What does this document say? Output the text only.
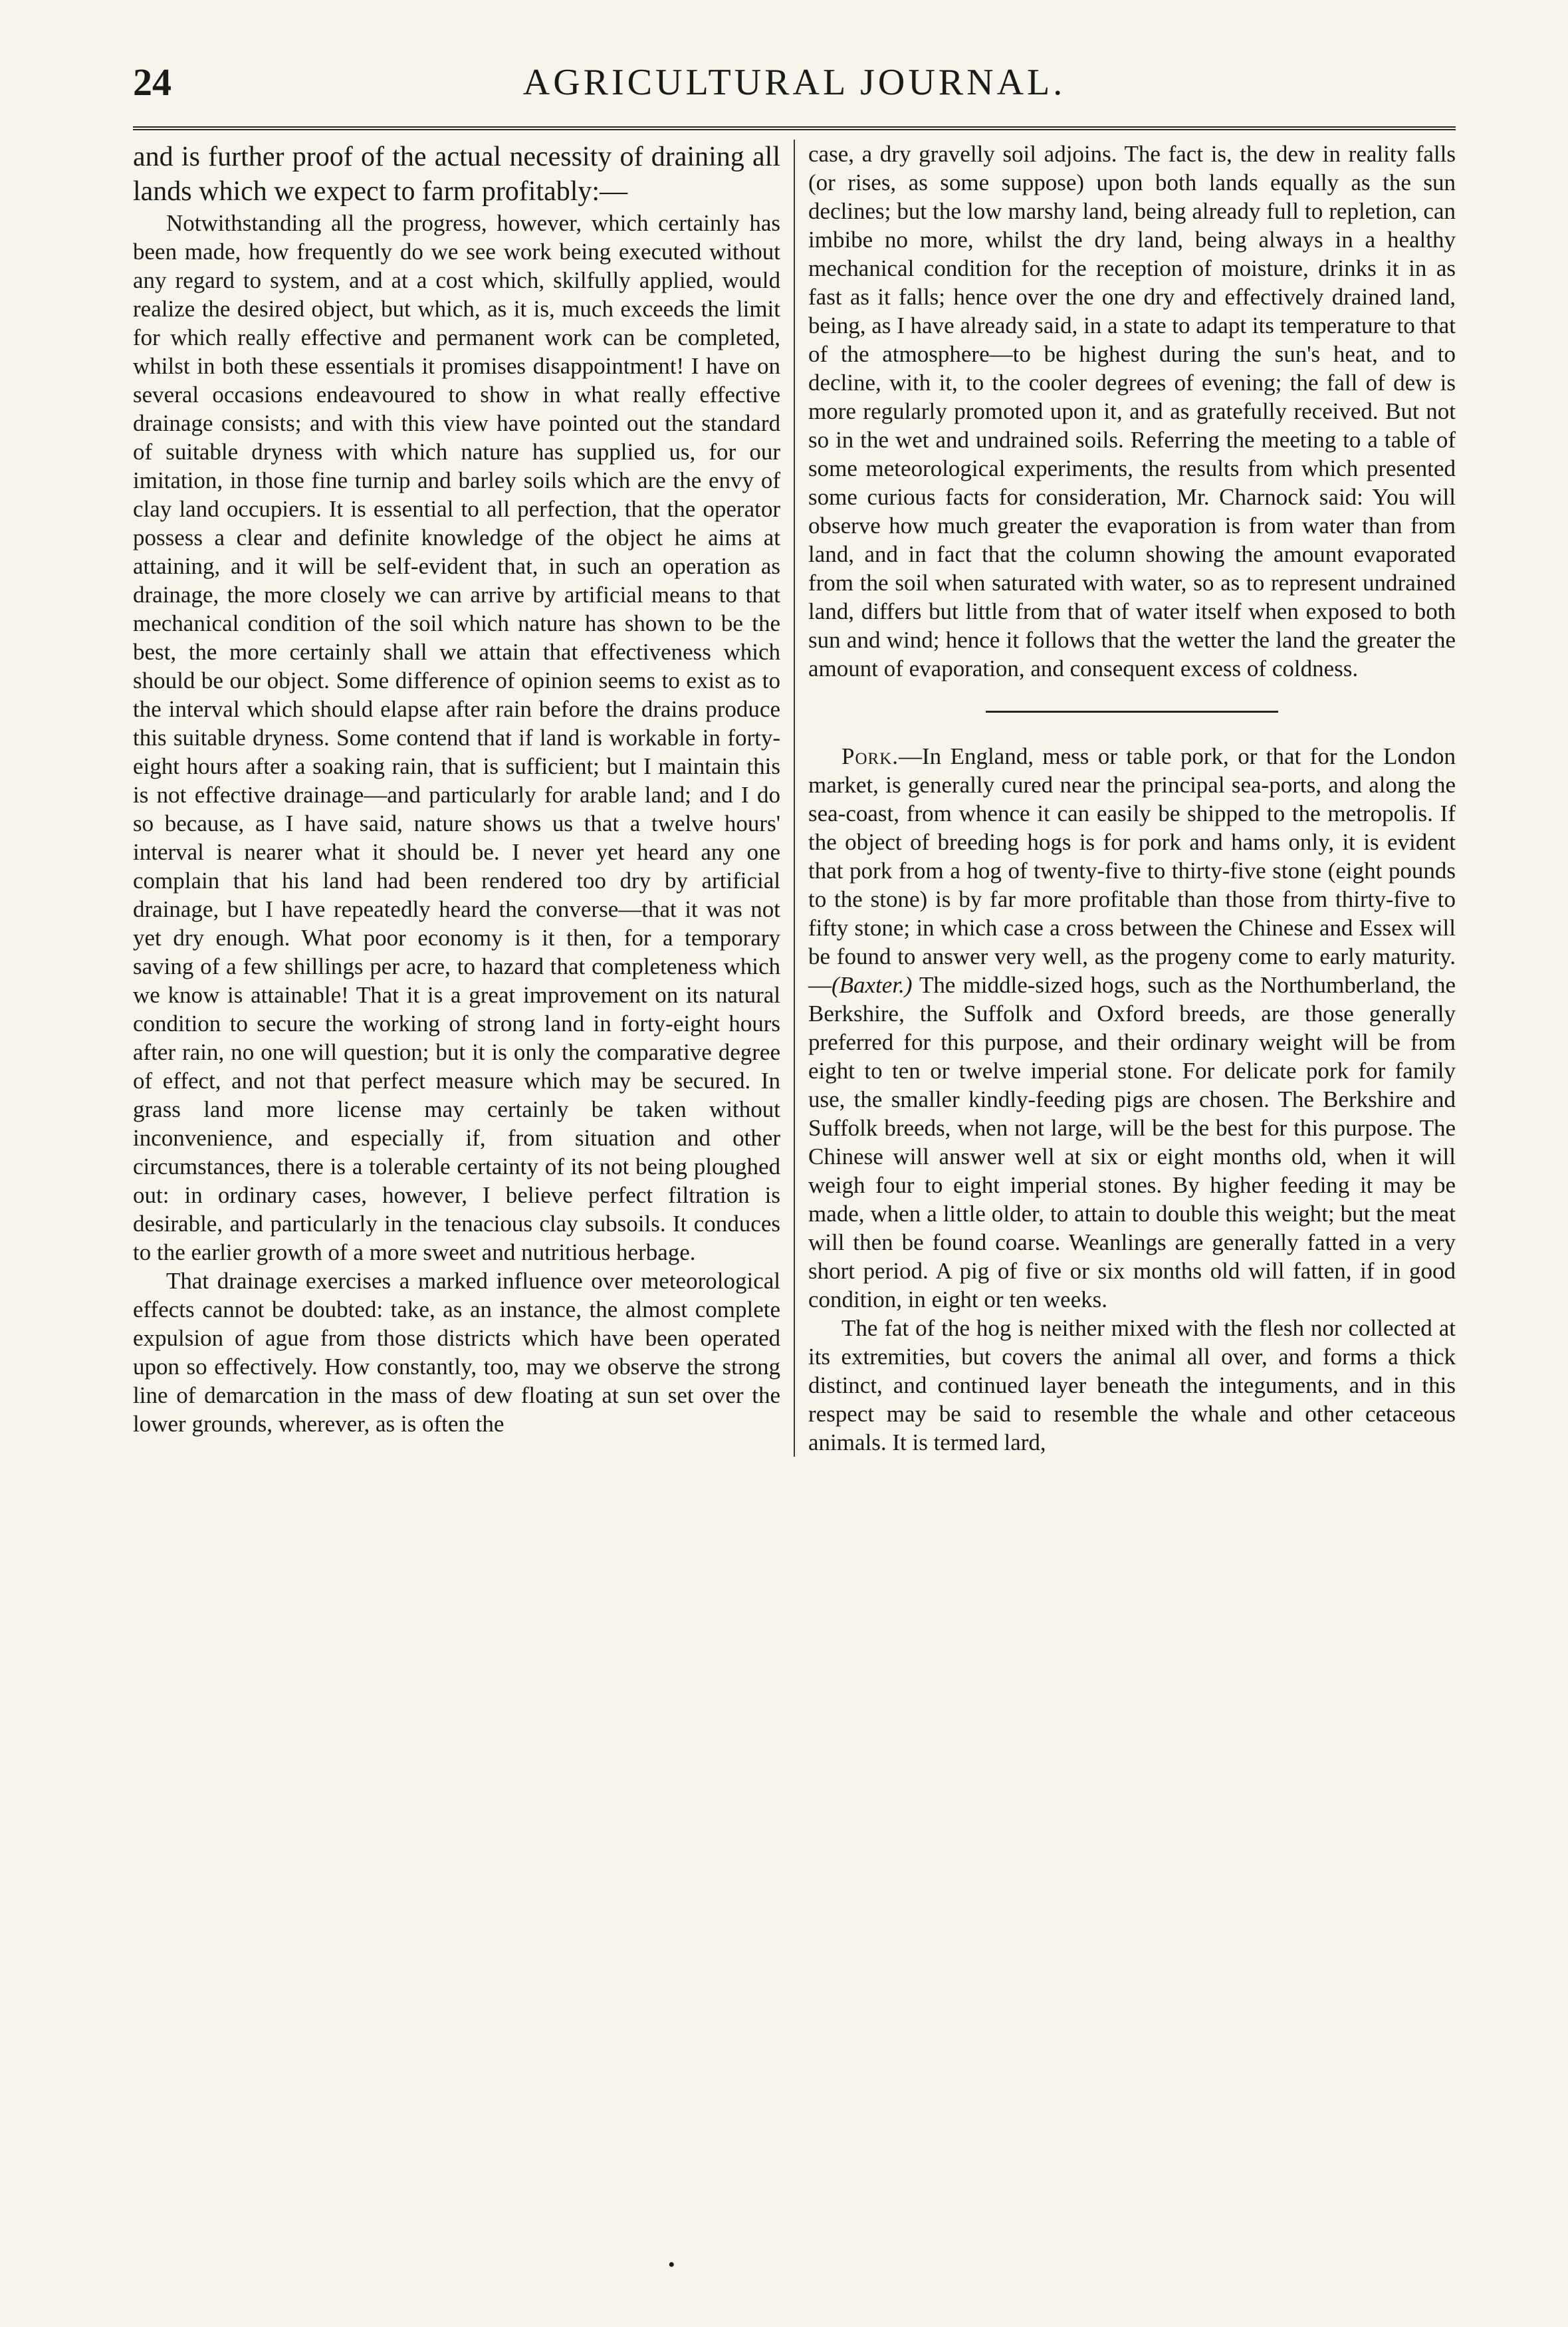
24	AGRICULTURAL JOURNAL.

and is further proof of the actual necessity of draining all lands which we expect to farm profitably:—

Notwithstanding all the progress, however, which certainly has been made, how frequently do we see work being executed without any regard to system, and at a cost which, skilfully applied, would realize the desired object, but which, as it is, much exceeds the limit for which really effective and permanent work can be completed, whilst in both these essentials it promises disappointment! I have on several occasions endeavoured to show in what really effective drainage consists; and with this view have pointed out the standard of suitable dryness with which nature has supplied us, for our imitation, in those fine turnip and barley soils which are the envy of clay land occupiers. It is essential to all perfection, that the operator possess a clear and definite knowledge of the object he aims at attaining, and it will be self-evident that, in such an operation as drainage, the more closely we can arrive by artificial means to that mechanical condition of the soil which nature has shown to be the best, the more certainly shall we attain that effectiveness which should be our object. Some difference of opinion seems to exist as to the interval which should elapse after rain before the drains produce this suitable dryness. Some contend that if land is workable in forty-eight hours after a soaking rain, that is sufficient; but I maintain this is not effective drainage—and particularly for arable land; and I do so because, as I have said, nature shows us that a twelve hours' interval is nearer what it should be. I never yet heard any one complain that his land had been rendered too dry by artificial drainage, but I have repeatedly heard the converse—that it was not yet dry enough. What poor economy is it then, for a temporary saving of a few shillings per acre, to hazard that completeness which we know is attainable! That it is a great improvement on its natural condition to secure the working of strong land in forty-eight hours after rain, no one will question; but it is only the comparative degree of effect, and not that perfect measure which may be secured. In grass land more license may certainly be taken without inconvenience, and especially if, from situation and other circumstances, there is a tolerable certainty of its not being ploughed out: in ordinary cases, however, I believe perfect filtration is desirable, and particularly in the tenacious clay subsoils. It conduces to the earlier growth of a more sweet and nutritious herbage.

That drainage exercises a marked influence over meteorological effects cannot be doubted: take, as an instance, the almost complete expulsion of ague from those districts which have been operated upon so effectively. How constantly, too, may we observe the strong line of demarcation in the mass of dew floating at sun set over the lower grounds, wherever, as is often the

case, a dry gravelly soil adjoins. The fact is, the dew in reality falls (or rises, as some suppose) upon both lands equally as the sun declines; but the low marshy land, being already full to repletion, can imbibe no more, whilst the dry land, being always in a healthy mechanical condition for the reception of moisture, drinks it in as fast as it falls; hence over the one dry and effectively drained land, being, as I have already said, in a state to adapt its temperature to that of the atmosphere—to be highest during the sun's heat, and to decline, with it, to the cooler degrees of evening; the fall of dew is more regularly promoted upon it, and as gratefully received. But not so in the wet and undrained soils. Referring the meeting to a table of some meteorological experiments, the results from which presented some curious facts for consideration, Mr. Charnock said: You will observe how much greater the evaporation is from water than from land, and in fact that the column showing the amount evaporated from the soil when saturated with water, so as to represent undrained land, differs but little from that of water itself when exposed to both sun and wind; hence it follows that the wetter the land the greater the amount of evaporation, and consequent excess of coldness.

Pork.—In England, mess or table pork, or that for the London market, is generally cured near the principal sea-ports, and along the sea-coast, from whence it can easily be shipped to the metropolis. If the object of breeding hogs is for pork and hams only, it is evident that pork from a hog of twenty-five to thirty-five stone (eight pounds to the stone) is by far more profitable than those from thirty-five to fifty stone; in which case a cross between the Chinese and Essex will be found to answer very well, as the progeny come to early maturity.—(Baxter.) The middle-sized hogs, such as the Northumberland, the Berkshire, the Suffolk and Oxford breeds, are those generally preferred for this purpose, and their ordinary weight will be from eight to ten or twelve imperial stone. For delicate pork for family use, the smaller kindly-feeding pigs are chosen. The Berkshire and Suffolk breeds, when not large, will be the best for this purpose. The Chinese will answer well at six or eight months old, when it will weigh four to eight imperial stones. By higher feeding it may be made, when a little older, to attain to double this weight; but the meat will then be found coarse. Weanlings are generally fatted in a very short period. A pig of five or six months old will fatten, if in good condition, in eight or ten weeks.

The fat of the hog is neither mixed with the flesh nor collected at its extremities, but covers the animal all over, and forms a thick distinct, and continued layer beneath the integuments, and in this respect may be said to resemble the whale and other cetaceous animals. It is termed lard,

•
